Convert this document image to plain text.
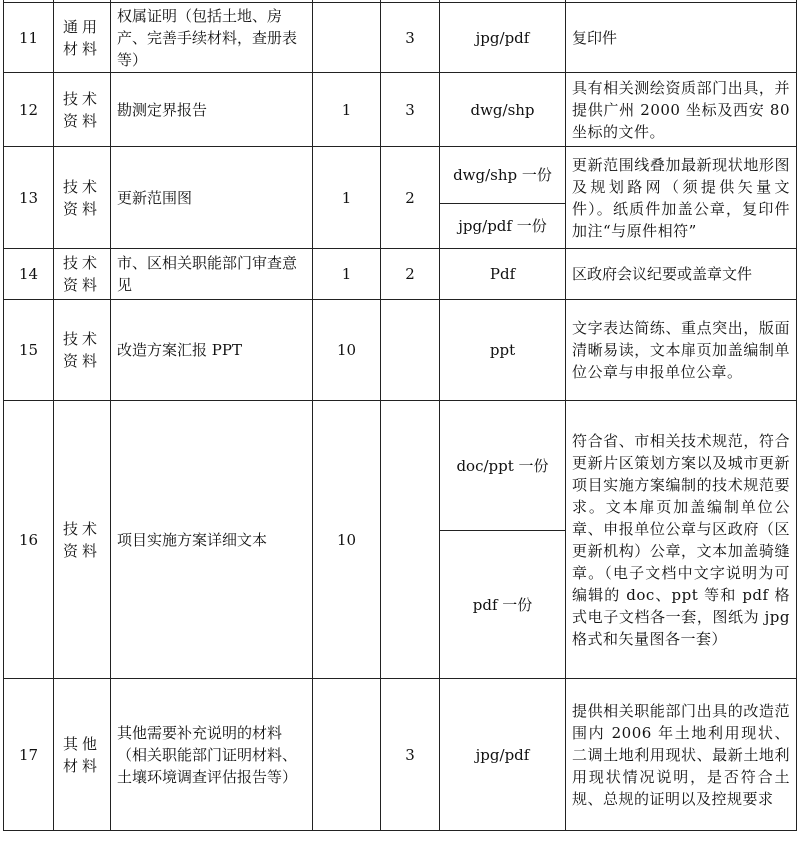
11	通用材料	权属证明（包括土地、房产、完善手续材料，查册表等）		3	jpg/pdf	复印件
12	技术资料	勘测定界报告	1	3	dwg/shp	具有相关测绘资质部门出具，并提供广州 2000 坐标及西安 80 坐标的文件。
13	技术资料	更新范围图	1	2	dwg/shp 一份	更新范围线叠加最新现状地形图及规划路网（须提供矢量文件）。纸质件加盖公章，复印件加注“与原件相符”
					jpg/pdf 一份	
14	技术资料	市、区相关职能部门审查意见	1	2	Pdf	区政府会议纪要或盖章文件
15	技术资料	改造方案汇报 PPT	10		ppt	文字表达简练、重点突出，版面清晰易读，文本扉页加盖编制单位公章与申报单位公章。
16	技术资料	项目实施方案详细文本	10		doc/ppt 一份	符合省、市相关技术规范，符合更新片区策划方案以及城市更新项目实施方案编制的技术规范要求。文本扉页加盖编制单位公章、申报单位公章与区政府（区更新机构）公章，文本加盖骑缝章。（电子文档中文字说明为可编辑的 doc、ppt 等和 pdf 格式电子文档各一套，图纸为 jpg 格式和矢量图各一套）
					pdf 一份	
17	其他材料	其他需要补充说明的材料（相关职能部门证明材料、土壤环境调查评估报告等）		3	jpg/pdf	提供相关职能部门出具的改造范围内 2006 年土地利用现状、二调土地利用现状、最新土地利用现状情况说明，是否符合土规、总规的证明以及控规要求
